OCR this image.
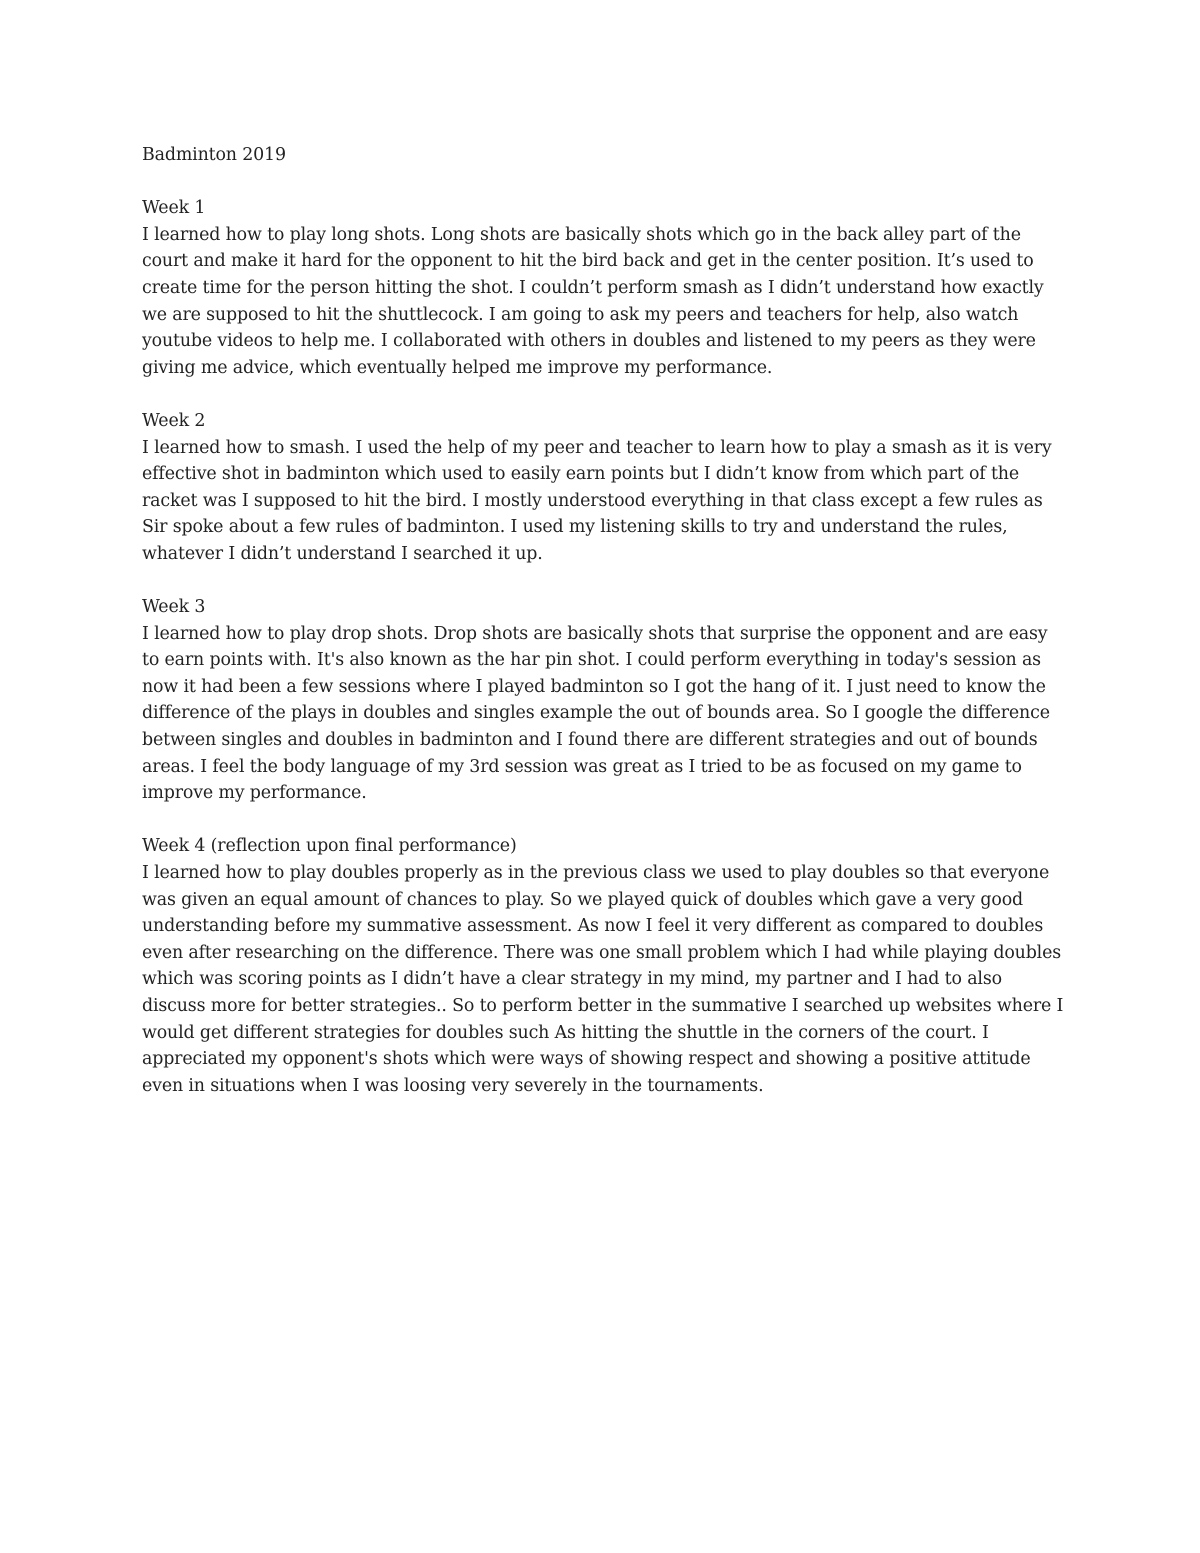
Badminton 2019

Week 1

I learned how to play long shots. Long shots are basically shots which go in the back alley part of the court and make it hard for the opponent to hit the bird back and get in the center position. It’s used to create time for the person hitting the shot. I couldn’t perform smash as I didn’t understand how exactly we are supposed to hit the shuttlecock. I am going to ask my peers and teachers for help, also watch youtube videos to help me. I collaborated with others in doubles and listened to my peers as they were giving me advice, which eventually helped me improve my performance.

Week 2

I learned how to smash. I used the help of my peer and teacher to learn how to play a smash as it is very effective shot in badminton which used to easily earn points but I didn’t know from which part of the racket was I supposed to hit the bird. I mostly understood everything in that class except a few rules as Sir spoke about a few rules of badminton. I used my listening skills to try and understand the rules, whatever I didn’t understand I searched it up.

Week 3

I learned how to play drop shots. Drop shots are basically shots that surprise the opponent and are easy to earn points with. It's also known as the har pin shot. I could perform everything in today's session as now it had been a few sessions where I played badminton so I got the hang of it. I just need to know the difference of the plays in doubles and singles example the out of bounds area. So I google the difference between singles and doubles in badminton and I found there are different strategies and out of bounds areas. I feel the body language of my 3rd session was great as I tried to be as focused on my game to improve my performance.

Week 4 (reflection upon final performance)

I learned how to play doubles properly as in the previous class we used to play doubles so that everyone was given an equal amount of chances to play. So we played quick of doubles which gave a very good understanding before my summative assessment. As now I feel it very different as compared to doubles even after researching on the difference. There was one small problem which I had while playing doubles which was scoring points as I didn’t have a clear strategy in my mind, my partner and I had to also discuss more for better strategies.. So to perform better in the summative I searched up websites where I would get different strategies for doubles such As hitting the shuttle in the corners of the court. I appreciated my opponent's shots which were ways of showing respect and showing a positive attitude even in situations when I was loosing very severely in the tournaments.
